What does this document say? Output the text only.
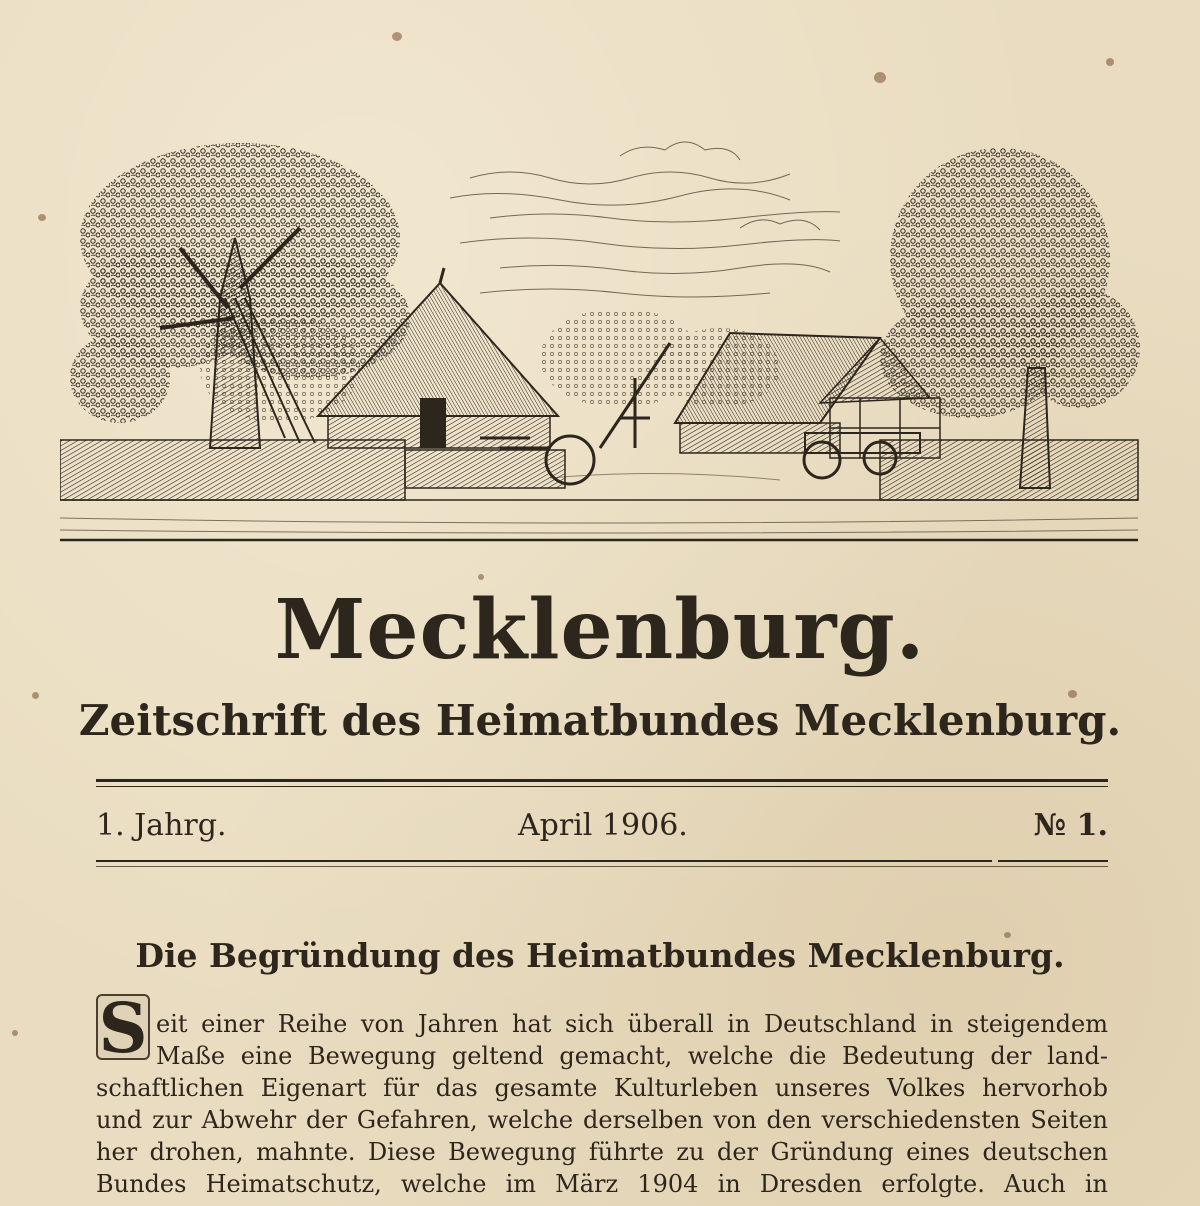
Mecklenburg.
Zeitschrift des Heimatbundes Mecklenburg.
1. Jahrg.	April 1906.	№ 1.
Die Begründung des Heimatbundes Mecklenburg.
S eit einer Reihe von Jahren hat sich überall in Deutschland in steigendem
Maße eine Bewegung geltend gemacht, welche die Bedeutung der land-
schaftlichen Eigenart für das gesamte Kulturleben unseres Volkes hervorhob
und zur Abwehr der Gefahren, welche derselben von den verschiedensten Seiten
her drohen, mahnte. Diese Bewegung führte zu der Gründung eines deutschen
Bundes Heimatschutz, welche im März 1904 in Dresden erfolgte. Auch in
